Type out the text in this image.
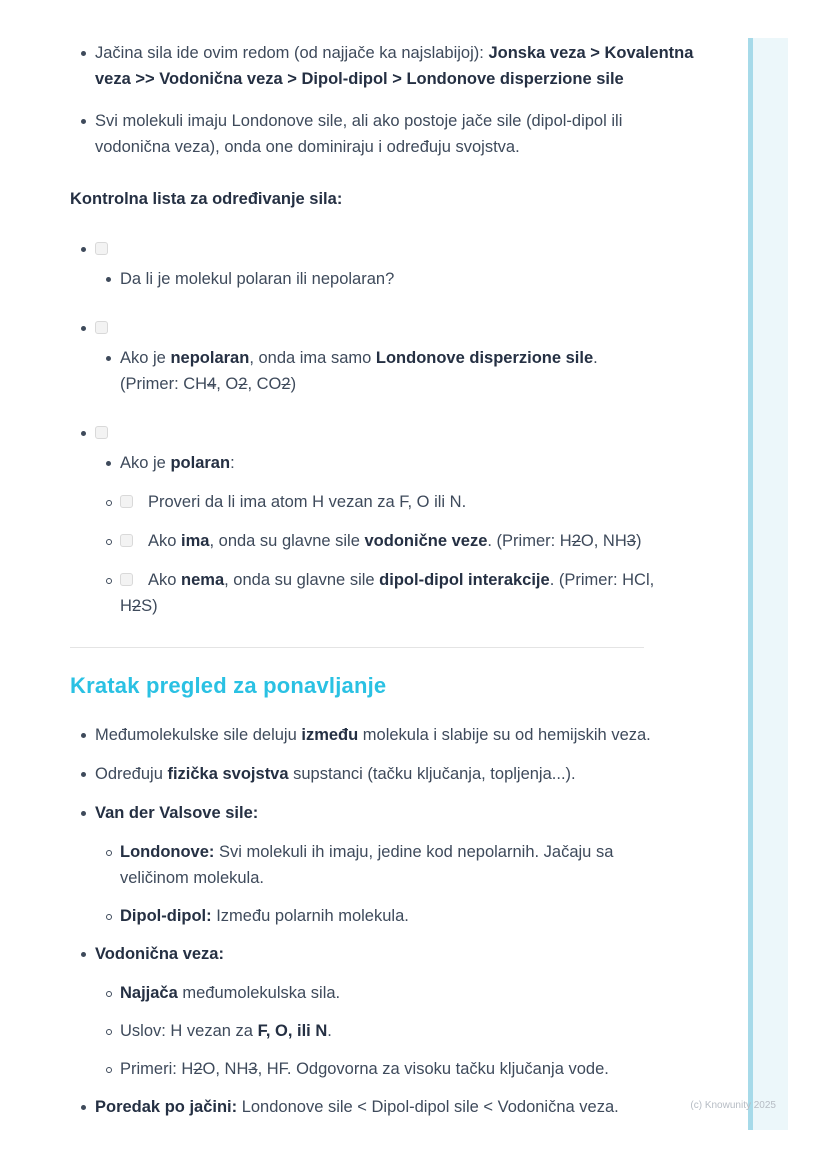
Jačina sila ide ovim redom (od najjače ka najslabijoj): Jonska veza > Kovalentna veza >> Vodonična veza > Dipol-dipol > Londonove disperzione sile
Svi molekuli imaju Londonove sile, ali ako postoje jače sile (dipol-dipol ili vodonična veza), onda one dominiraju i određuju svojstva.
Kontrolna lista za određivanje sila:
Da li je molekul polaran ili nepolaran?
Ako je nepolaran, onda ima samo Londonove disperzione sile. (Primer: CH4, O2, CO2)
Ako je polaran:
Proveri da li ima atom H vezan za F, O ili N.
Ako ima, onda su glavne sile vodonične veze. (Primer: H2O, NH3)
Ako nema, onda su glavne sile dipol-dipol interakcije. (Primer: HCl, H2S)
Kratak pregled za ponavljanje
Međumolekulske sile deluju između molekula i slabije su od hemijskih veza.
Određuju fizička svojstva supstanci (tačku ključanja, topljenja...).
Van der Valsove sile:
Londonove: Svi molekuli ih imaju, jedine kod nepolarnih. Jačaju sa veličinom molekula.
Dipol-dipol: Između polarnih molekula.
Vodonična veza:
Najjača međumolekulska sila.
Uslov: H vezan za F, O, ili N.
Primeri: H2O, NH3, HF. Odgovorna za visoku tačku ključanja vode.
Poredak po jačini: Londonove sile < Dipol-dipol sile < Vodonična veza.	(c) Knowunity 2025
